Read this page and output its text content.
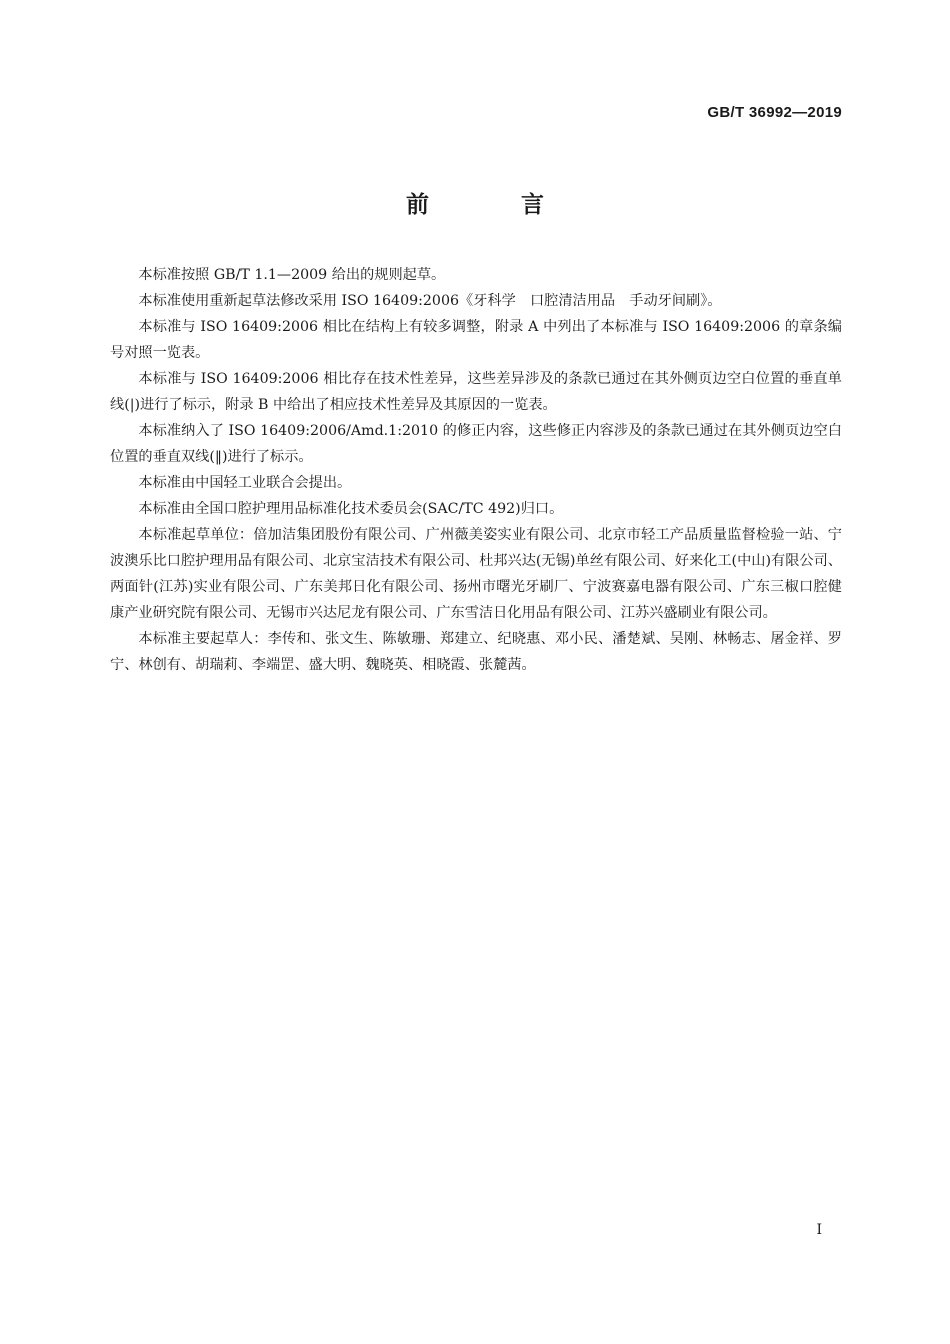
GB/T 36992—2019
前 言

本标准按照 GB/T 1.1—2009 给出的规则起草。

本标准使用重新起草法修改采用 ISO 16409:2006《牙科学　口腔清洁用品　手动牙间刷》。

本标准与 ISO 16409:2006 相比在结构上有较多调整，附录 A 中列出了本标准与 ISO 16409:2006 的章条编号对照一览表。

本标准与 ISO 16409:2006 相比存在技术性差异，这些差异涉及的条款已通过在其外侧页边空白位置的垂直单线(|)进行了标示，附录 B 中给出了相应技术性差异及其原因的一览表。

本标准纳入了 ISO 16409:2006/Amd.1:2010 的修正内容，这些修正内容涉及的条款已通过在其外侧页边空白位置的垂直双线(‖)进行了标示。

本标准由中国轻工业联合会提出。

本标准由全国口腔护理用品标准化技术委员会(SAC/TC 492)归口。

本标准起草单位：倍加洁集团股份有限公司、广州薇美姿实业有限公司、北京市轻工产品质量监督检验一站、宁波澳乐比口腔护理用品有限公司、北京宝洁技术有限公司、杜邦兴达(无锡)单丝有限公司、好来化工(中山)有限公司、两面针(江苏)实业有限公司、广东美邦日化有限公司、扬州市曙光牙刷厂、宁波赛嘉电器有限公司、广东三椒口腔健康产业研究院有限公司、无锡市兴达尼龙有限公司、广东雪洁日化用品有限公司、江苏兴盛刷业有限公司。

本标准主要起草人：李传和、张文生、陈敏珊、郑建立、纪晓惠、邓小民、潘楚斌、吴刚、林畅志、屠金祥、罗宁、林创有、胡瑞莉、李端罡、盛大明、魏晓英、相晓霞、张麓茜。

I
